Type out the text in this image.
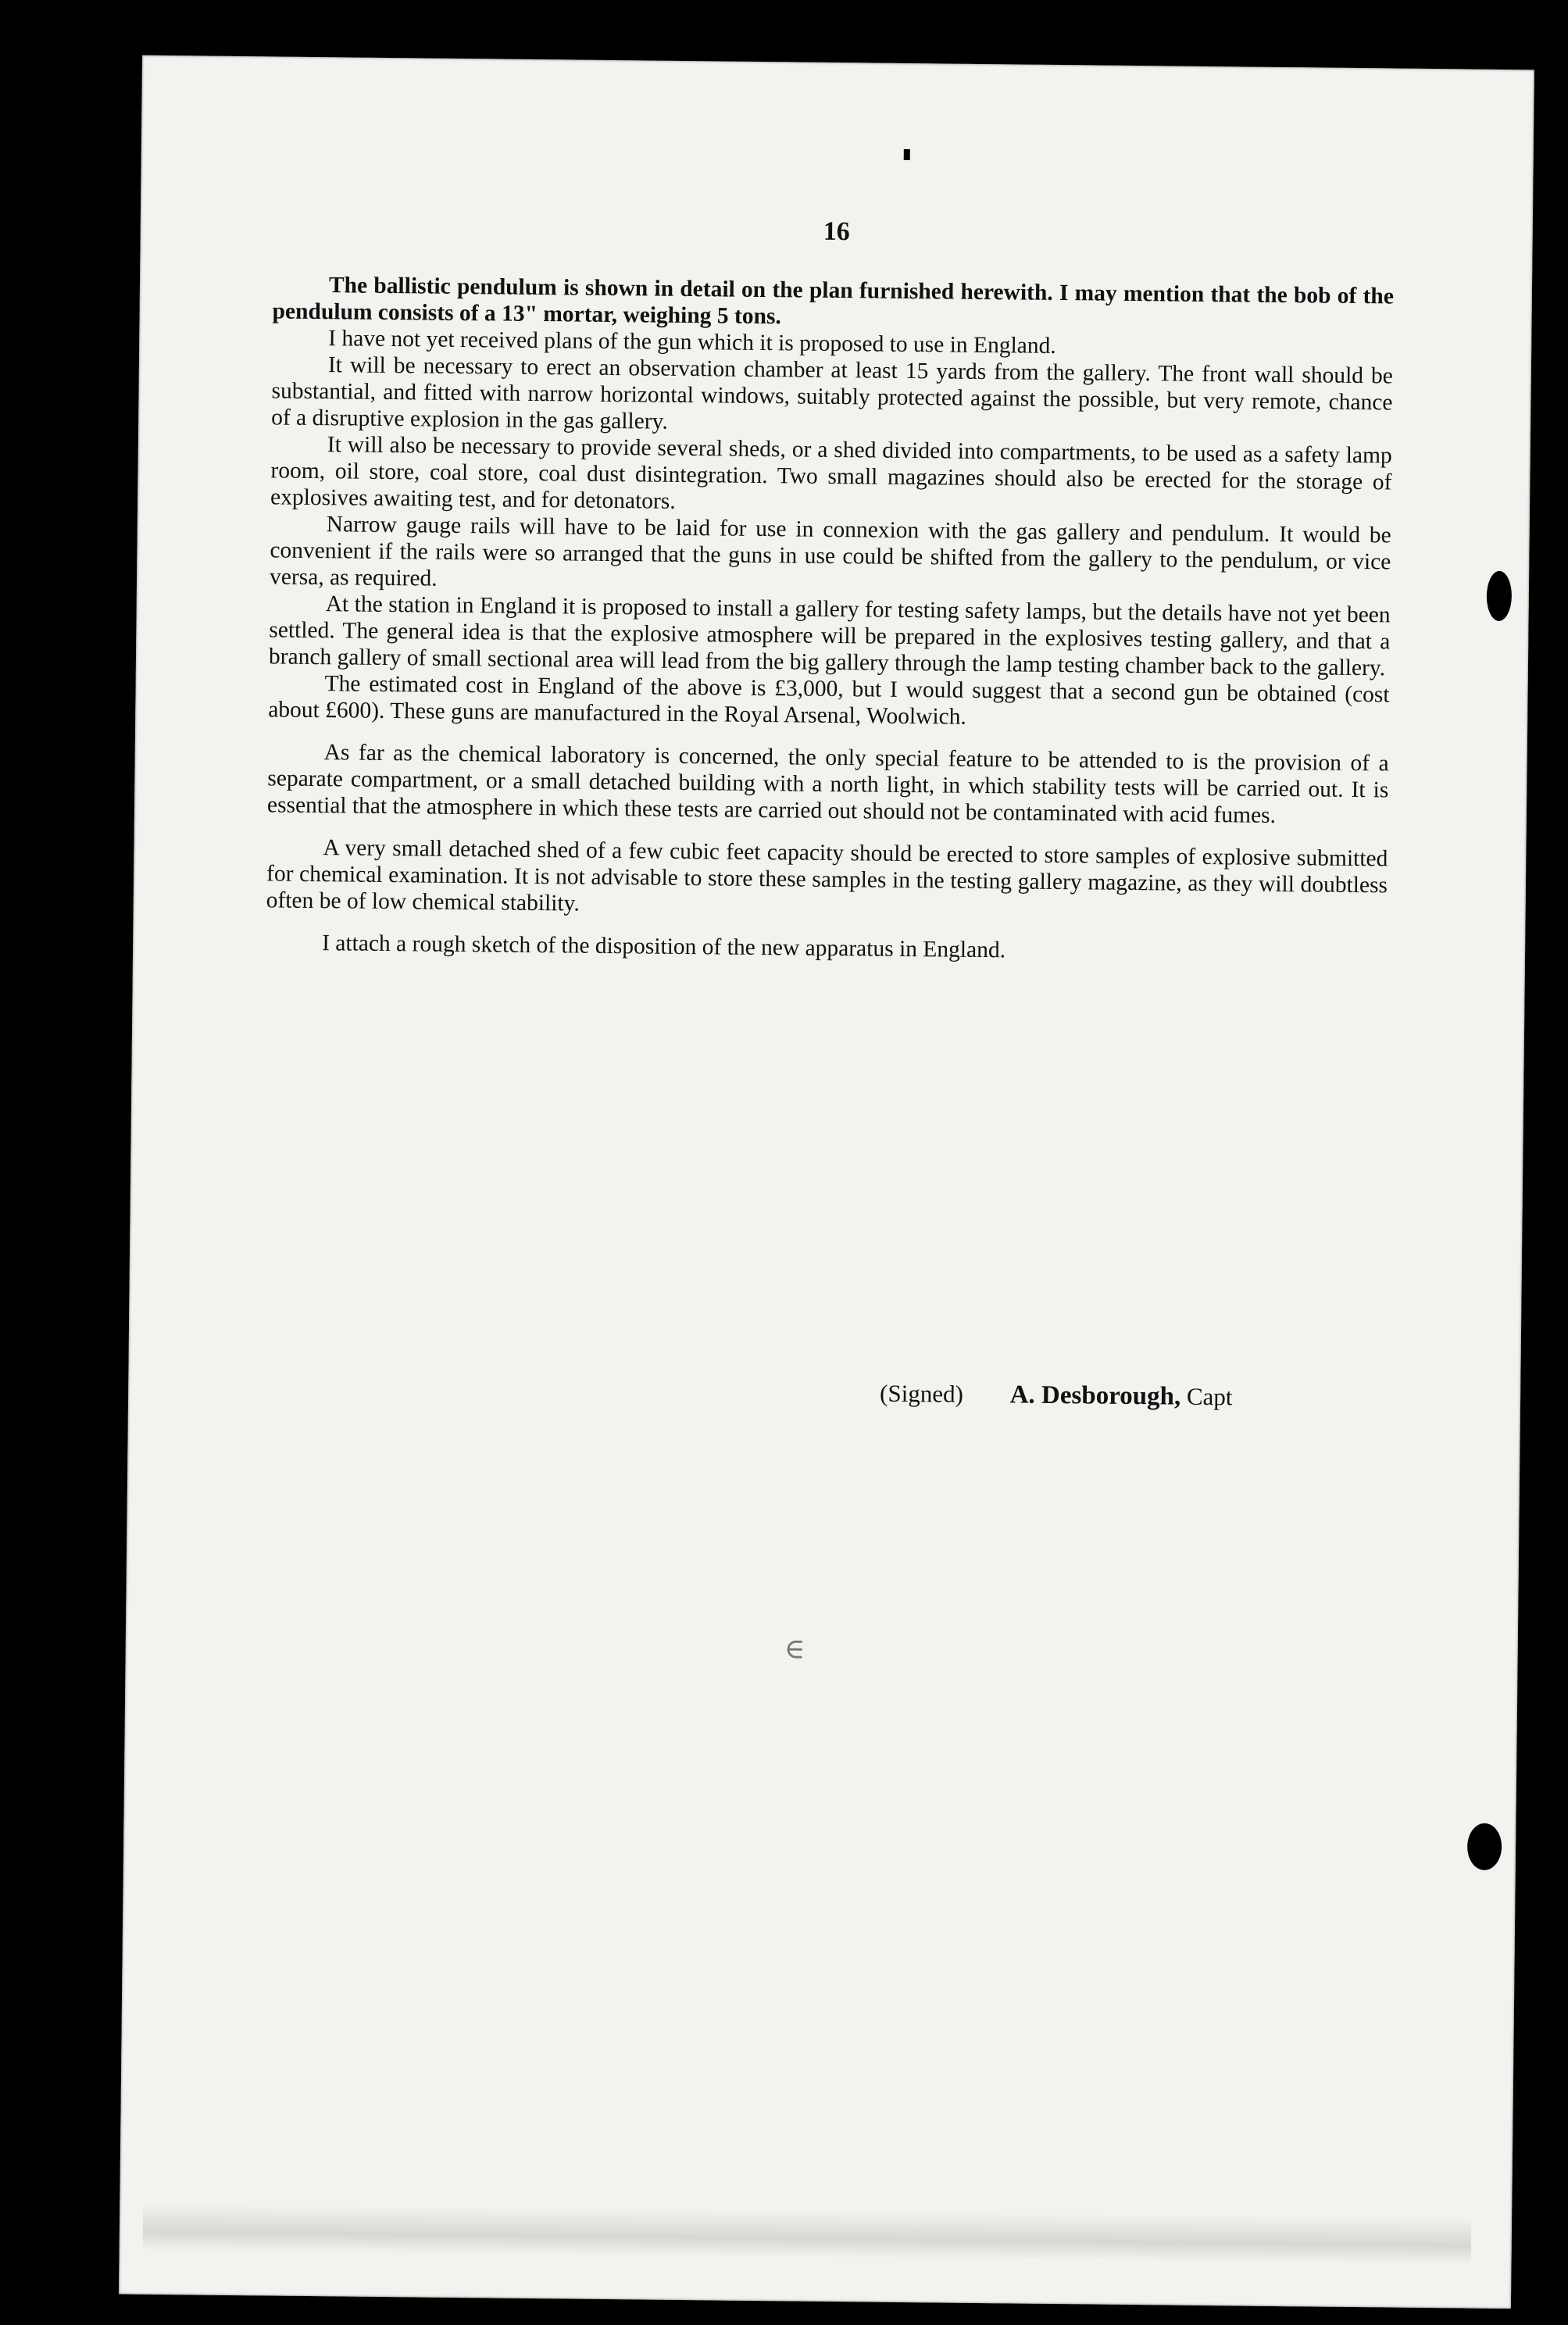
16

The ballistic pendulum is shown in detail on the plan furnished herewith. I may mention that the bob of the pendulum consists of a 13" mortar, weighing 5 tons.

I have not yet received plans of the gun which it is proposed to use in England.

It will be necessary to erect an observation chamber at least 15 yards from the gallery. The front wall should be substantial, and fitted with narrow horizontal windows, suitably protected against the possible, but very remote, chance of a disruptive explosion in the gas gallery.

It will also be necessary to provide several sheds, or a shed divided into compartments, to be used as a safety lamp room, oil store, coal store, coal dust disintegration. Two small magazines should also be erected for the storage of explosives awaiting test, and for detonators.

Narrow gauge rails will have to be laid for use in connexion with the gas gallery and pendulum. It would be convenient if the rails were so arranged that the guns in use could be shifted from the gallery to the pendulum, or vice versa, as required.

At the station in England it is proposed to install a gallery for testing safety lamps, but the details have not yet been settled. The general idea is that the explosive atmosphere will be prepared in the explosives testing gallery, and that a branch gallery of small sectional area will lead from the big gallery through the lamp testing chamber back to the gallery.

The estimated cost in England of the above is £3,000, but I would suggest that a second gun be obtained (cost about £600). These guns are manufactured in the Royal Arsenal, Woolwich.

As far as the chemical laboratory is concerned, the only special feature to be attended to is the provision of a separate compartment, or a small detached building with a north light, in which stability tests will be carried out. It is essential that the atmosphere in which these tests are carried out should not be contaminated with acid fumes.

A very small detached shed of a few cubic feet capacity should be erected to store samples of explosive submitted for chemical examination. It is not advisable to store these samples in the testing gallery magazine, as they will doubtless often be of low chemical stability.

I attach a rough sketch of the disposition of the new apparatus in England.

(Signed) A. Desborough, Capt
∈
